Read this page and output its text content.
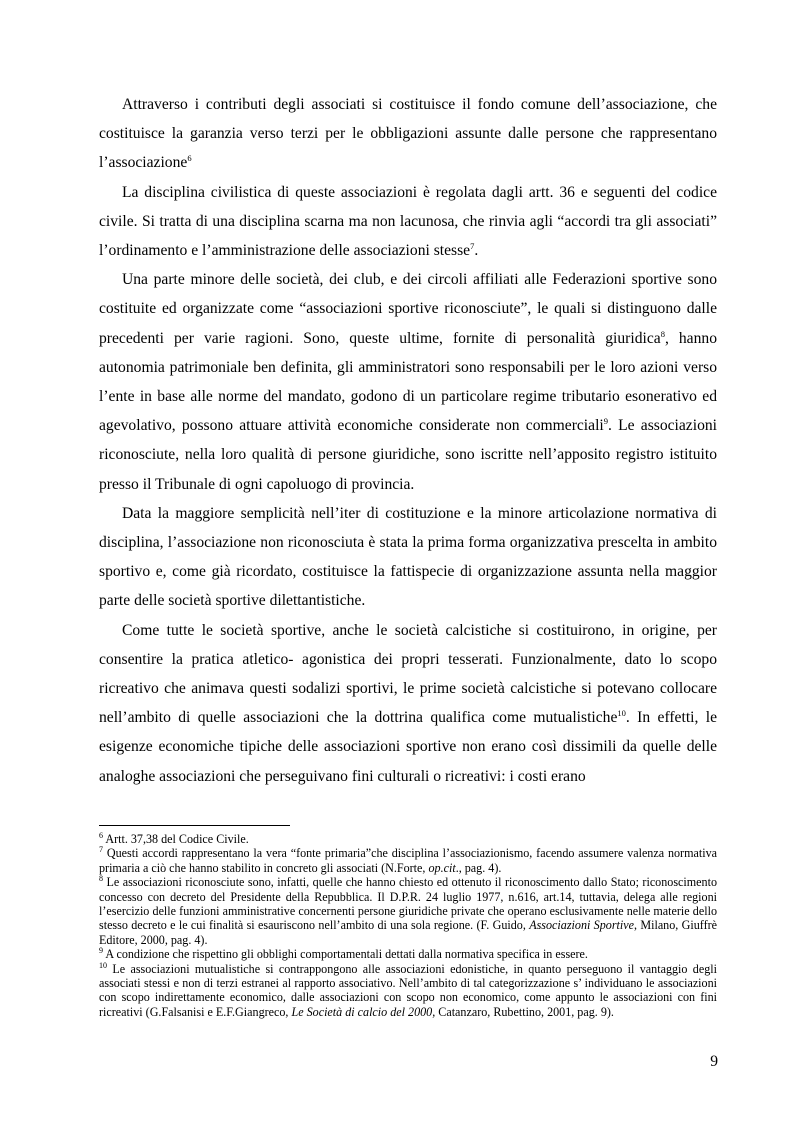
Attraverso i contributi degli associati si costituisce il fondo comune dell’associazione, che costituisce la garanzia verso terzi per le obbligazioni assunte dalle persone che rappresentano l’associazione$^6$

La disciplina civilistica di queste associazioni è regolata dagli artt. 36 e seguenti del codice civile. Si tratta di una disciplina scarna ma non lacunosa, che rinvia agli “accordi tra gli associati” l’ordinamento e l’amministrazione delle associazioni stesse$^7$.

Una parte minore delle società, dei club, e dei circoli affiliati alle Federazioni sportive sono costituite ed organizzate come “associazioni sportive riconosciute”, le quali si distinguono dalle precedenti per varie ragioni. Sono, queste ultime, fornite di personalità giuridica$^8$, hanno autonomia patrimoniale ben definita, gli amministratori sono responsabili per le loro azioni verso l’ente in base alle norme del mandato, godono di un particolare regime tributario esonerativo ed agevolativo, possono attuare attività economiche considerate non commerciali$^9$. Le associazioni riconosciute, nella loro qualità di persone giuridiche, sono iscritte nell’apposito registro istituito presso il Tribunale di ogni capoluogo di provincia.

Data la maggiore semplicità nell’iter di costituzione e la minore articolazione normativa di disciplina, l’associazione non riconosciuta è stata la prima forma organizzativa prescelta in ambito sportivo e, come già ricordato, costituisce la fattispecie di organizzazione assunta nella maggior parte delle società sportive dilettantistiche.

Come tutte le società sportive, anche le società calcistiche si costituirono, in origine, per consentire la pratica atletico- agonistica dei propri tesserati. Funzionalmente, dato lo scopo ricreativo che animava questi sodalizi sportivi, le prime società calcistiche si potevano collocare nell’ambito di quelle associazioni che la dottrina qualifica come mutualistiche$^{10}$. In effetti, le esigenze economiche tipiche delle associazioni sportive non erano così dissimili da quelle delle analoghe associazioni che perseguivano fini culturali o ricreativi: i costi erano

$^6$ Artt. 37,38 del Codice Civile.

$^7$ Questi accordi rappresentano la vera “fonte primaria”che disciplina l’associazionismo, facendo assumere valenza normativa primaria a ciò che hanno stabilito in concreto gli associati (N.Forte, op.cit., pag. 4).

$^8$ Le associazioni riconosciute sono, infatti, quelle che hanno chiesto ed ottenuto il riconoscimento dallo Stato; riconoscimento concesso con decreto del Presidente della Repubblica. Il D.P.R. 24 luglio 1977, n.616, art.14, tuttavia, delega alle regioni l’esercizio delle funzioni amministrative concernenti persone giuridiche private che operano esclusivamente nelle materie dello stesso decreto e le cui finalità si esauriscono nell’ambito di una sola regione. (F. Guido, Associazioni Sportive, Milano, Giuffrè Editore, 2000, pag. 4).

$^9$ A condizione che rispettino gli obblighi comportamentali dettati dalla normativa specifica in essere.

$^{10}$ Le associazioni mutualistiche si contrappongono alle associazioni edonistiche, in quanto perseguono il vantaggio degli associati stessi e non di terzi estranei al rapporto associativo. Nell’ambito di tal categorizzazione s’ individuano le associazioni con scopo indirettamente economico, dalle associazioni con scopo non economico, come appunto le associazioni con fini ricreativi (G.Falsanisi e E.F.Giangreco, Le Società di calcio del 2000, Catanzaro, Rubettino, 2001, pag. 9).

9
